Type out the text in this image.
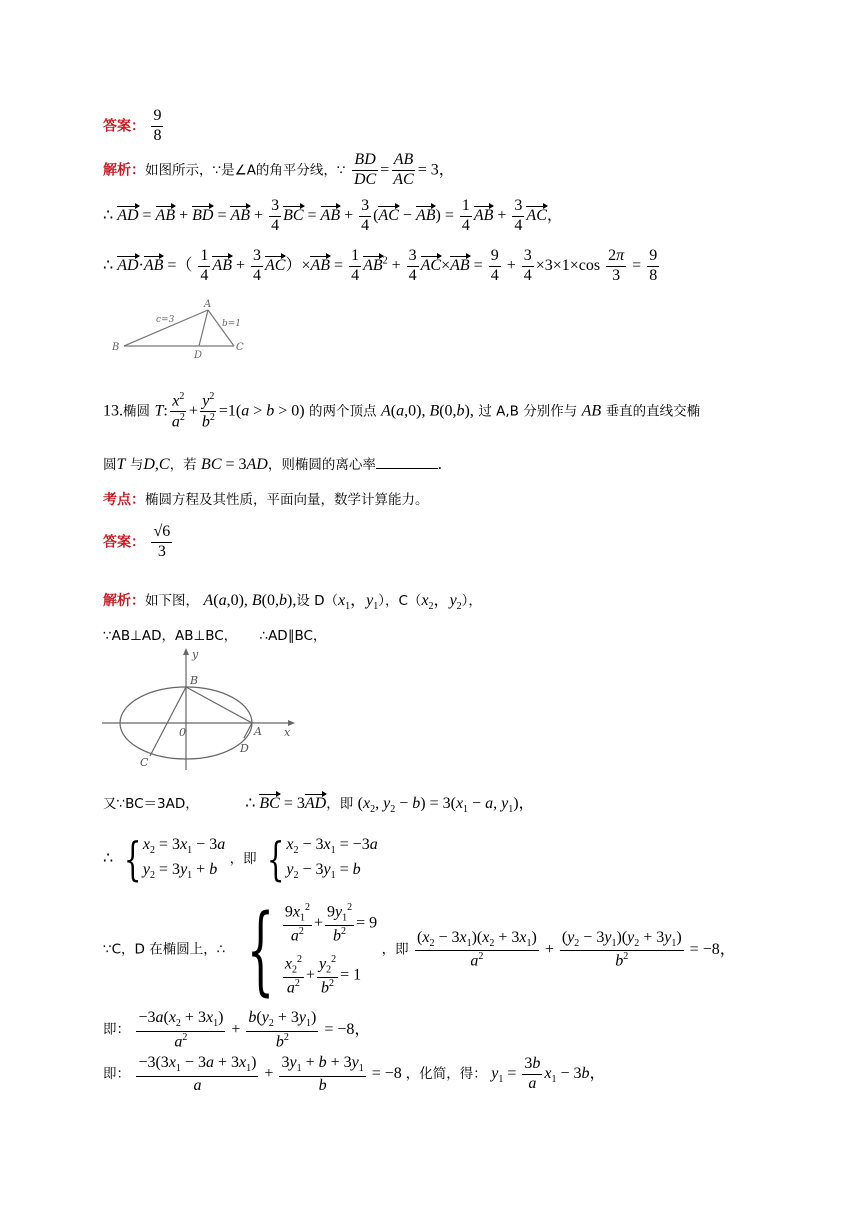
答案： $\frac{9}{8}$
解析：如图所示，∵是∠A的角平分线，∵ $\frac{BD}{DC} = \frac{AB}{AC} = 3$，
∴ AD = AB + BD = AB + $\frac{3}{4}$ BC = AB + $\frac{3}{4} (AC - AB) = \frac{1}{4}$ AB + $\frac{3}{4}$ AC，
∴ AD·AB =（ $\frac{1}{4}$ AB + $\frac{3}{4} AC)\times AB = \frac{1}{4} AB^2 + \frac{3}{4} AC\times AB = \frac{9}{4} + \frac{3}{4} \times 3\times 1\times\cos \frac{2\pi}{3} = \frac{9}{8}$
A
B	C
D
c=3	b=1
13.椭圆 T: $\frac{x^2}{a^2} + \frac{y^2}{b^2} =1(a > b > 0)$ 的两个顶点 A(a,0), B(0,b), 过 A,B 分别作与 AB 垂直的直线交椭
圆T 与D,C，若 BC = 3AD，则椭圆的离心率	.
考点：椭圆方程及其性质，平面向量，数学计算能力。
答案： $\frac{√6}{3}$
解析：如下图， A(a,0), B(0,b),设 $D(x_1$，$y_1$），$C(x_2$，$y_2$），
∵AB⊥AD，AB⊥BC， ∴AD∥BC，
y
x
B
A
C
D
0
又∵BC＝3AD，	∴ BC = 3AD，即 ($x_2$, $y_2 - b) = 3(x_1 - a$, $y_1$)，
∴ { $x_2 = 3x_1 - 3a$
$y_2 = 3y_1 + b$
，即 { $x_2 - 3x_1 = -3a$
$y_2 - 3y_1 = b$
∵C，D 在椭圆上，∴ { $\frac{9x_1^2}{a^2} + \frac{9y_1^2}{b^2} = 9$
$\frac{x_2^2}{a^2} + \frac{y_2^2}{b^2} = 1$
，即 $\frac{(x_2 - 3x_1)(x_2 + 3x_1)}{a^2} + \frac{(y_2 - 3y_1)(y_2 + 3y_1)}{b^2} = -8$，
即： $\frac{-3a(x_2 + 3x_1)}{a^2} + \frac{b(y_2 + 3y_1)}{b^2} = -8$，
即： $\frac{-3(3x_1 - 3a + 3x_1)}{a} + \frac{3y_1 + b + 3y_1}{b} = -8$ ，化简，得： $y_1 = \frac{3b}{a} x_1 - 3b$，
